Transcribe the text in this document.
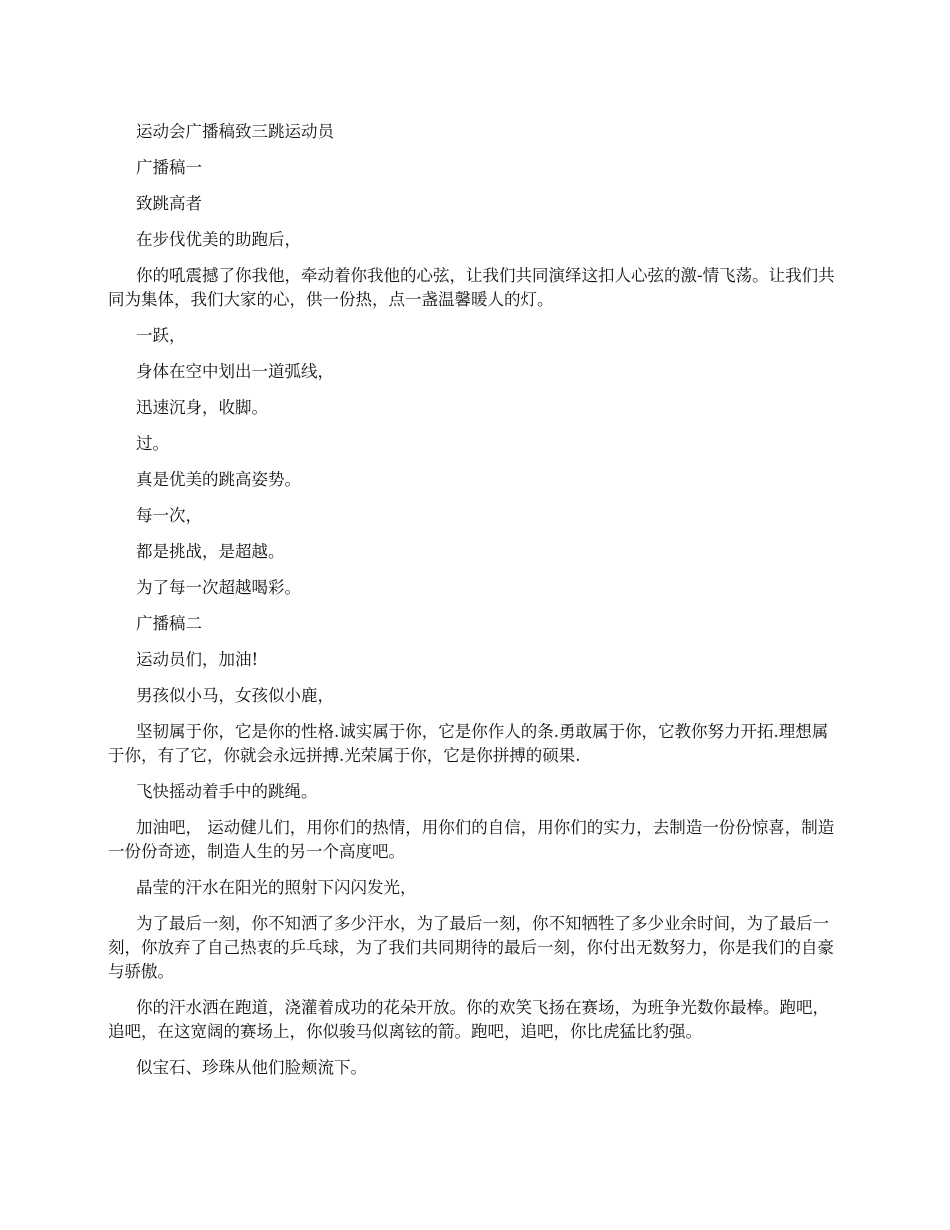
运动会广播稿致三跳运动员

广播稿一

致跳高者

在步伐优美的助跑后，

你的吼震撼了你我他，牵动着你我他的心弦，让我们共同演绎这扣人心弦的激-情飞荡。让我们共同为集体，我们大家的心，供一份热，点一盏温馨暖人的灯。

一跃，

身体在空中划出一道弧线，

迅速沉身，收脚。

过。

真是优美的跳高姿势。

每一次，

都是挑战，是超越。

为了每一次超越喝彩。

广播稿二

运动员们，加油!

男孩似小马，女孩似小鹿，

坚韧属于你，它是你的性格.诚实属于你，它是你作人的条.勇敢属于你，它教你努力开拓.理想属于你，有了它，你就会永远拼搏.光荣属于你，它是你拼搏的硕果.

飞快摇动着手中的跳绳。

加油吧， 运动健儿们，用你们的热情，用你们的自信，用你们的实力，去制造一份份惊喜，制造一份份奇迹，制造人生的另一个高度吧。

晶莹的汗水在阳光的照射下闪闪发光，

为了最后一刻，你不知洒了多少汗水，为了最后一刻，你不知牺牲了多少业余时间，为了最后一刻，你放弃了自己热衷的乒乓球，为了我们共同期待的最后一刻，你付出无数努力，你是我们的自豪与骄傲。

你的汗水洒在跑道，浇灌着成功的花朵开放。你的欢笑飞扬在赛场，为班争光数你最棒。跑吧，追吧，在这宽阔的赛场上，你似骏马似离铉的箭。跑吧，追吧，你比虎猛比豹强。

似宝石、珍珠从他们脸颊流下。
